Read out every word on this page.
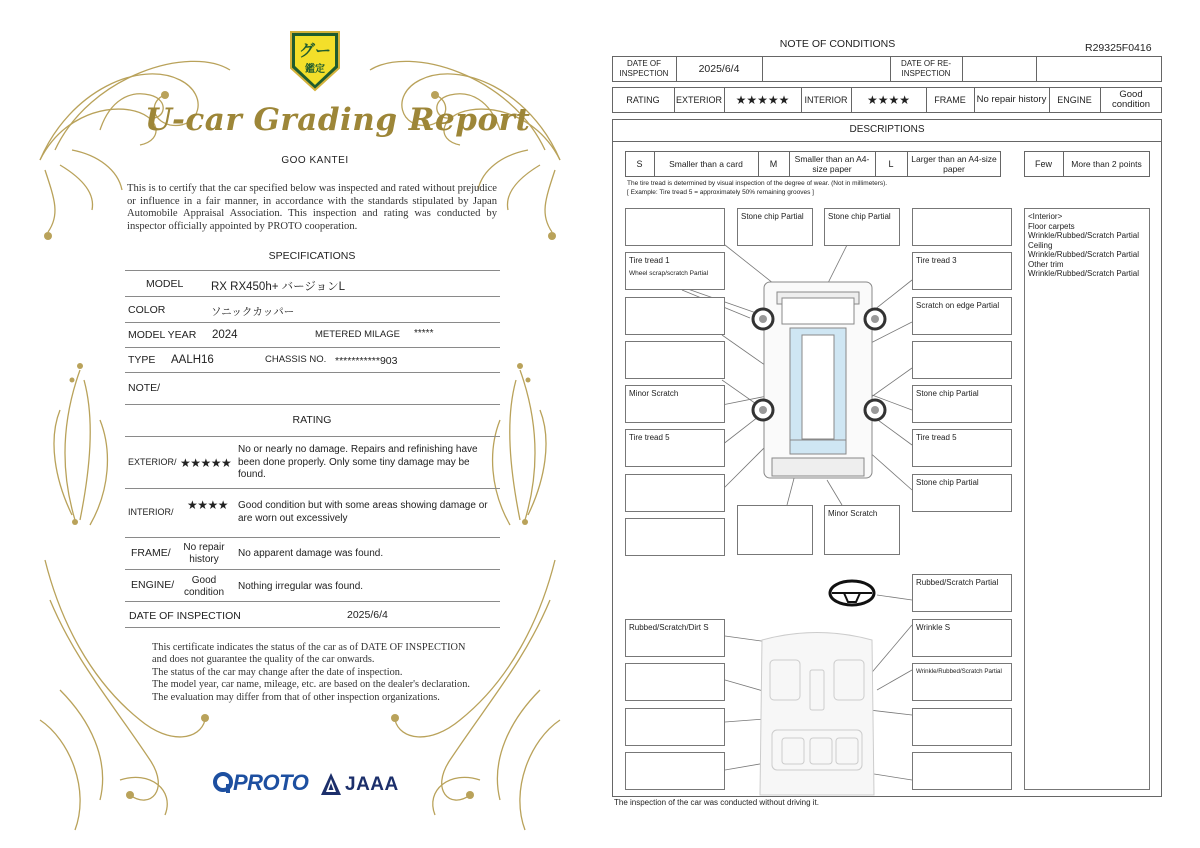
グー
鑑定
U-car Grading Report
GOO KANTEI
This is to certify that the car specified below was inspected and rated without prejudice or influence in a fair manner, in accordance with the standards stipulated by Japan Automobile Appraisal Association. This inspection and rating was conducted by inspector officially appointed by PROTO cooperation.
SPECIFICATIONS
MODEL RX RX450h+ バージョンL
COLOR	ソニックカッパー
MODEL YEAR 2024	METERED MILAGE *****
TYPE AALH16	CHASSIS NO. ***********903
NOTE/
RATING
EXTERIOR/ ★★★★★
No or nearly no damage. Repairs and refinishing have been done properly. Only some tiny damage may be found.
INTERIOR/ ★★★★ Good condition but with some areas showing damage or are worn out excessively
FRAME/	No repair history
No apparent damage was found.
ENGINE/	Good condition
Nothing irregular was found.
DATE OF INSPECTION	2025/6/4
This certificate indicates the status of the car as of DATE OF INSPECTION and does not guarantee the quality of the car onwards.
The status of the car may change after the date of inspection.
The model year, car name, mileage, etc. are based on the dealer's declaration.
The evaluation may differ from that of other inspection organizations.
PROTO JAAA
NOTE OF CONDITIONS	R29325F0416
DATE OF INSPECTION	2025/6/4	DATE OF RE-INSPECTION
RATING	EXTERIOR	★★★★★	INTERIOR	★★★★	FRAME	No repair history	ENGINE	Good condition
DESCRIPTIONS
S	Smaller than a card	M	Smaller than an A4-size paper	L	Larger than an A4-size paper	Few	More than 2 points
The tire tread is determined by visual inspection of the degree of wear. (Not in millimeters).
[ Example: Tire tread 5 = approximately 50% remaining grooves ]
Tire tread 1
Wheel scrap/scratch Partial
Minor Scratch
Tire tread 5
Stone chip Partial	Stone chip Partial
Minor Scratch
Tire tread 3
Scratch on edge Partial
Stone chip Partial
Tire tread 5
Stone chip Partial
Rubbed/Scratch Partial
Rubbed/Scratch/Dirt S	Wrinkle S
Wrinkle/Rubbed/Scratch Partial
<Interior>
Floor carpets
Wrinkle/Rubbed/Scratch Partial
Ceiling
Wrinkle/Rubbed/Scratch Partial
Other trim
Wrinkle/Rubbed/Scratch Partial
The inspection of the car was conducted without driving it.
